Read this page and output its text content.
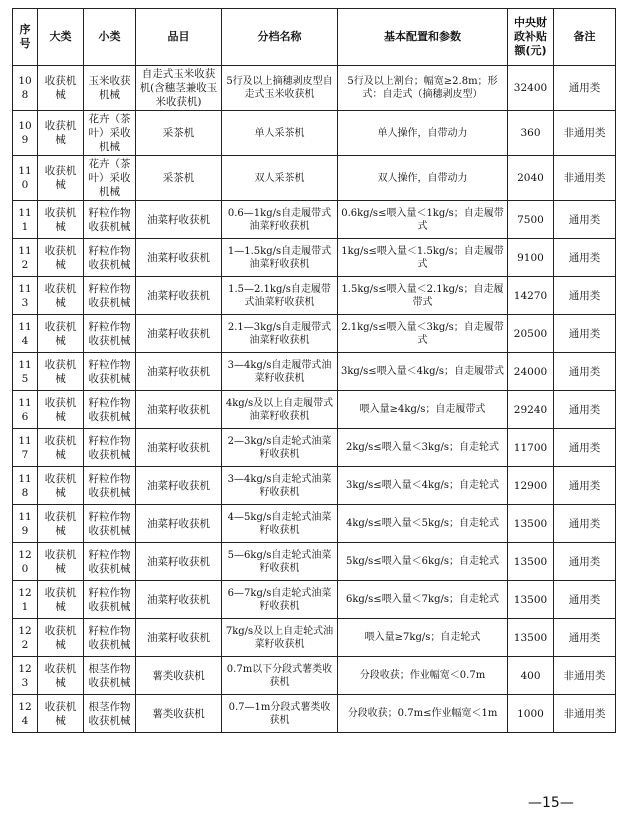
序号	大类	小类	品目	分档名称	基本配置和参数	中央财政补贴额(元)	备注
108	收获机械	玉米收获机械	自走式玉米收获机(含穗茎兼收玉米收获机)	5行及以上摘穗剥皮型自走式玉米收获机	5行及以上割台；幅宽≥2.8m；形式：自走式（摘穗剥皮型）	32400	通用类
109	收获机械	花卉（茶叶）采收机械	采茶机	单人采茶机	单人操作，自带动力	360	非通用类
110	收获机械	花卉（茶叶）采收机械	采茶机	双人采茶机	双人操作，自带动力	2040	非通用类
111	收获机械	籽粒作物收获机械	油菜籽收获机	0.6—1kg/s自走履带式油菜籽收获机	0.6kg/s≤喂入量＜1kg/s；自走履带式	7500	通用类
112	收获机械	籽粒作物收获机械	油菜籽收获机	1—1.5kg/s自走履带式油菜籽收获机	1kg/s≤喂入量＜1.5kg/s；自走履带式	9100	通用类
113	收获机械	籽粒作物收获机械	油菜籽收获机	1.5—2.1kg/s自走履带式油菜籽收获机	1.5kg/s≤喂入量＜2.1kg/s；自走履带式	14270	通用类
114	收获机械	籽粒作物收获机械	油菜籽收获机	2.1—3kg/s自走履带式油菜籽收获机	2.1kg/s≤喂入量＜3kg/s；自走履带式	20500	通用类
115	收获机械	籽粒作物收获机械	油菜籽收获机	3—4kg/s自走履带式油菜籽收获机	3kg/s≤喂入量＜4kg/s；自走履带式	24000	通用类
116	收获机械	籽粒作物收获机械	油菜籽收获机	4kg/s及以上自走履带式油菜籽收获机	喂入量≥4kg/s；自走履带式	29240	通用类
117	收获机械	籽粒作物收获机械	油菜籽收获机	2—3kg/s自走轮式油菜籽收获机	2kg/s≤喂入量＜3kg/s；自走轮式	11700	通用类
118	收获机械	籽粒作物收获机械	油菜籽收获机	3—4kg/s自走轮式油菜籽收获机	3kg/s≤喂入量＜4kg/s；自走轮式	12900	通用类
119	收获机械	籽粒作物收获机械	油菜籽收获机	4—5kg/s自走轮式油菜籽收获机	4kg/s≤喂入量＜5kg/s；自走轮式	13500	通用类
120	收获机械	籽粒作物收获机械	油菜籽收获机	5—6kg/s自走轮式油菜籽收获机	5kg/s≤喂入量＜6kg/s；自走轮式	13500	通用类
121	收获机械	籽粒作物收获机械	油菜籽收获机	6—7kg/s自走轮式油菜籽收获机	6kg/s≤喂入量＜7kg/s；自走轮式	13500	通用类
122	收获机械	籽粒作物收获机械	油菜籽收获机	7kg/s及以上自走轮式油菜籽收获机	喂入量≥7kg/s；自走轮式	13500	通用类
123	收获机械	根茎作物收获机械	薯类收获机	0.7m以下分段式薯类收获机	分段收获；作业幅宽＜0.7m	400	非通用类
124	收获机械	根茎作物收获机械	薯类收获机	0.7—1m分段式薯类收获机	分段收获；0.7m≤作业幅宽＜1m	1000	非通用类
—15—
